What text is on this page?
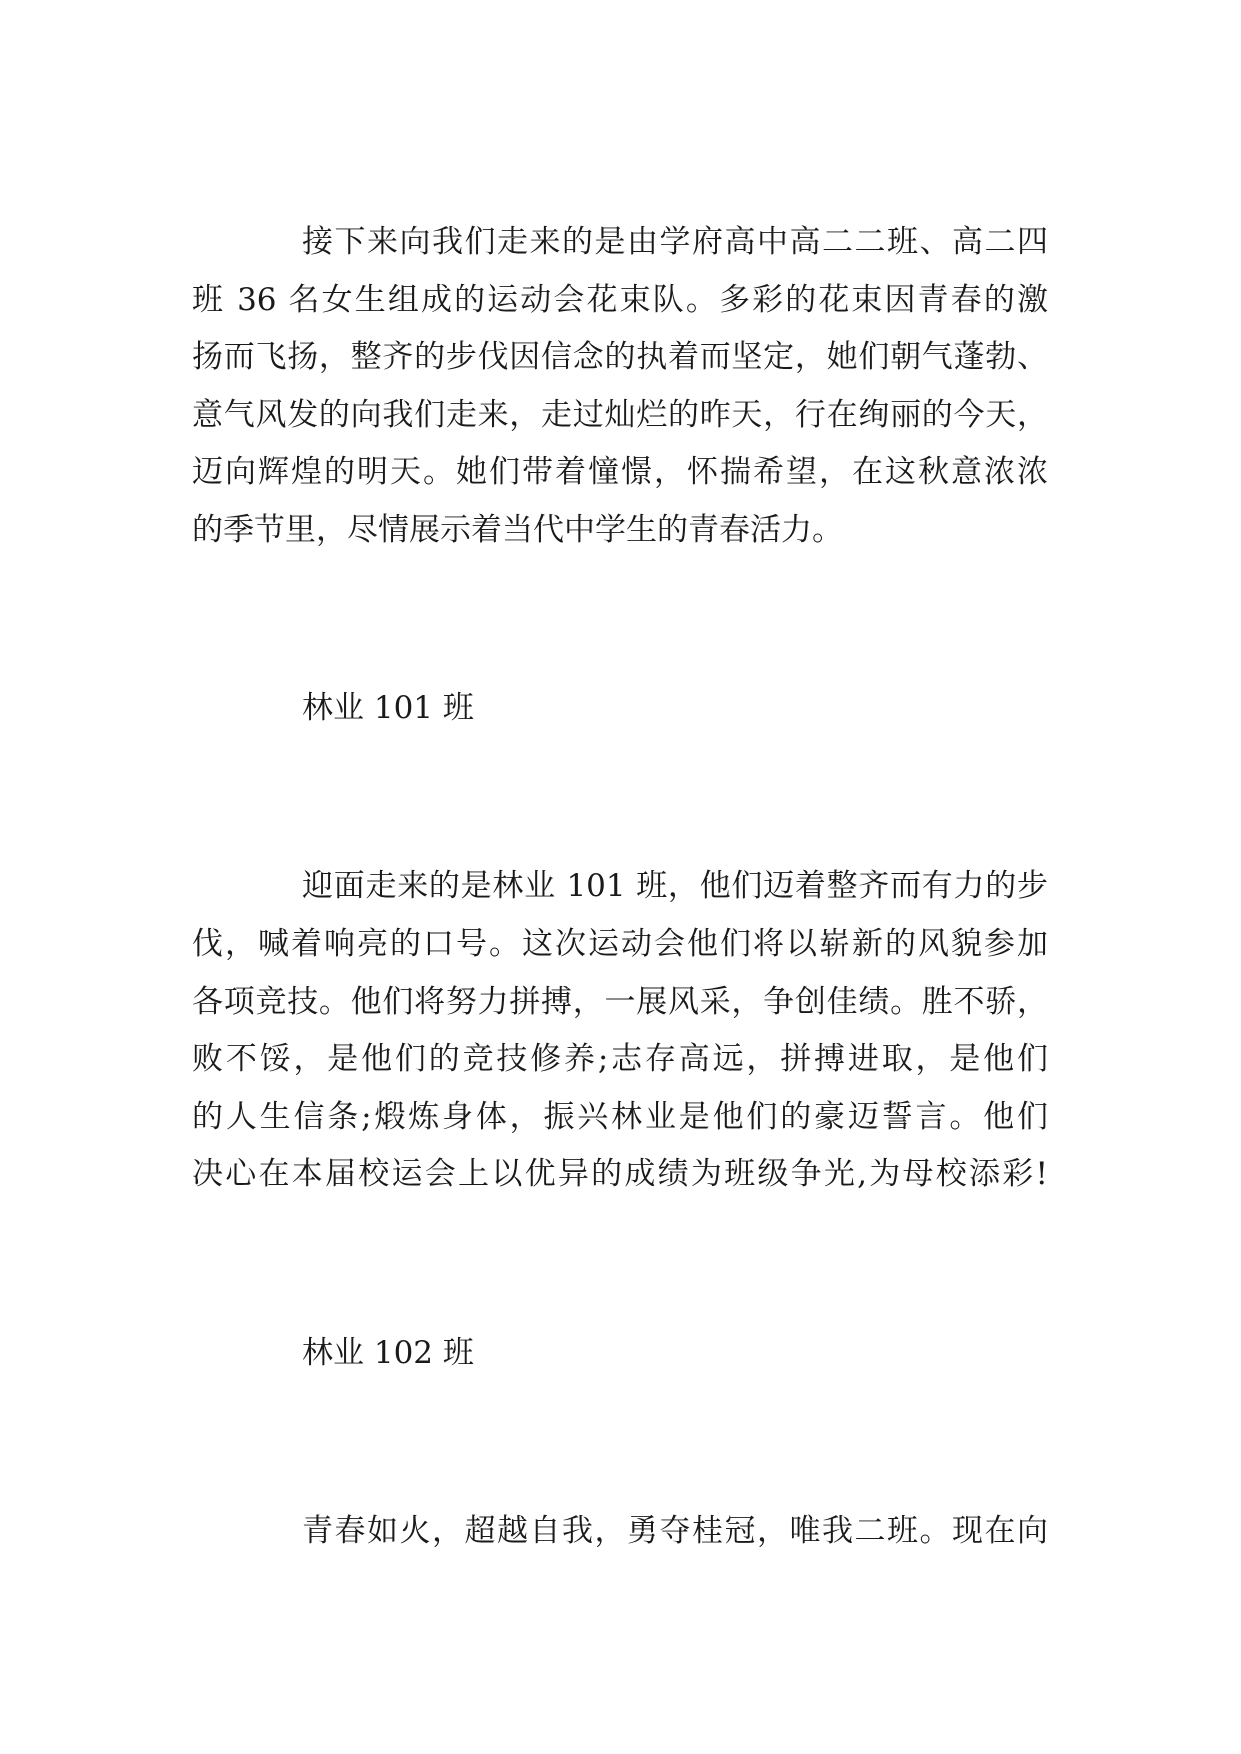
接下来向我们走来的是由学府高中高二二班、高二四
班 36 名女生组成的运动会花束队。多彩的花束因青春的激
扬而飞扬，整齐的步伐因信念的执着而坚定，她们朝气蓬勃、
意气风发的向我们走来，走过灿烂的昨天，行在绚丽的今天，
迈向辉煌的明天。她们带着憧憬，怀揣希望，在这秋意浓浓
的季节里，尽情展示着当代中学生的青春活力。
林业 101 班
迎面走来的是林业 101 班，他们迈着整齐而有力的步
伐，喊着响亮的口号。这次运动会他们将以崭新的风貌参加
各项竞技。他们将努力拼搏，一展风采，争创佳绩。胜不骄，
败不馁，是他们的竞技修养;志存高远，拼搏进取，是他们
的人生信条;煅炼身体，振兴林业是他们的豪迈誓言。他们
决心在本届校运会上以优异的成绩为班级争光,为母校添彩!
林业 102 班
青春如火，超越自我，勇夺桂冠，唯我二班。现在向
